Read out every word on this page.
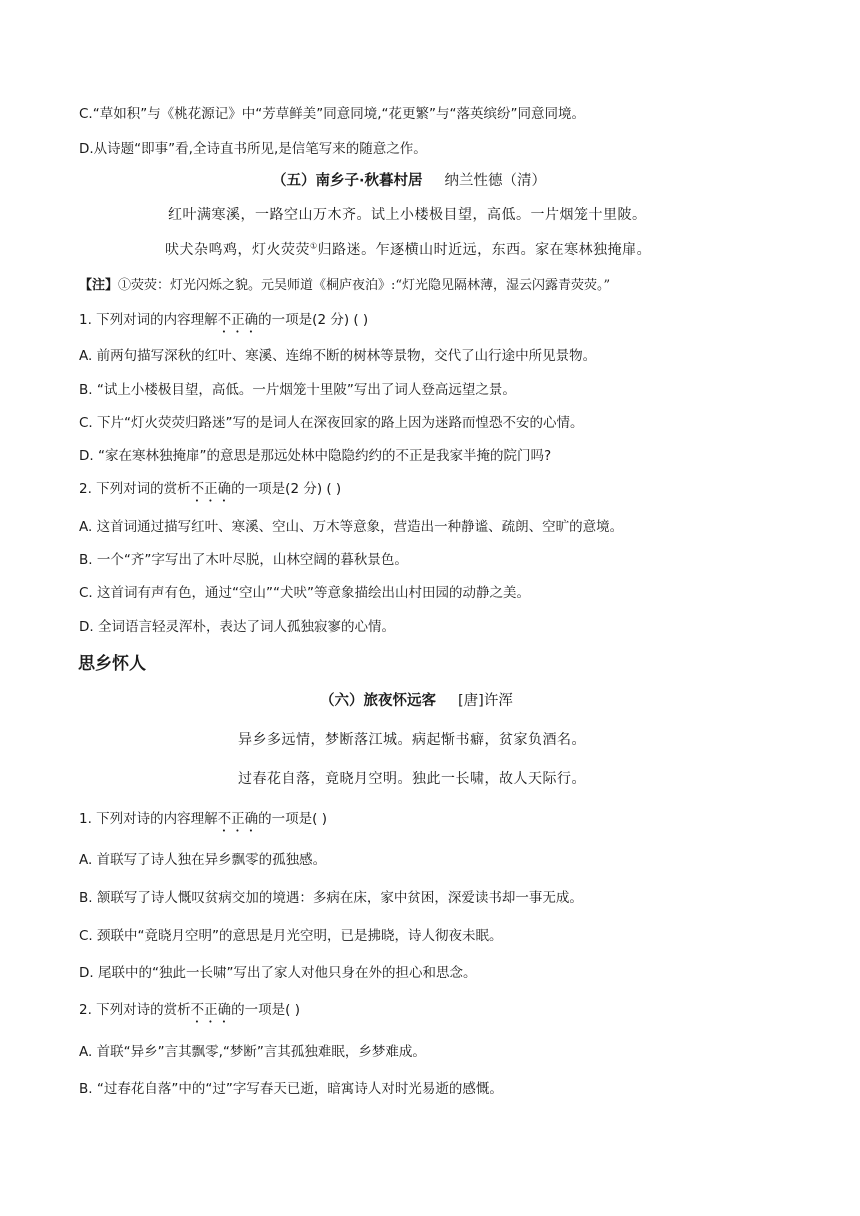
C.“草如积”与《桃花源记》中“芳草鲜美”同意同境,“花更繁”与“落英缤纷”同意同境。
D.从诗题“即事”看,全诗直书所见,是信笔写来的随意之作。
（五）南乡子·秋暮村居 纳兰性德（清）
红叶满寒溪，一路空山万木齐。试上小楼极目望，高低。一片烟笼十里陂。
吠犬杂鸣鸡，灯火荧荧①归路迷。乍逐横山时近远，东西。家在寒林独掩扉。
【注】①荧荧：灯光闪烁之貌。元吴师道《桐庐夜泊》:“灯光隐见隔林薄，湿云闪露青荧荧。”
1. 下列对词的内容理解不正确的一项是(2 分) ( )
A. 前两句描写深秋的红叶、寒溪、连绵不断的树林等景物，交代了山行途中所见景物。
B. “试上小楼极目望，高低。一片烟笼十里陂”写出了词人登高远望之景。
C. 下片“灯火荧荧归路迷”写的是词人在深夜回家的路上因为迷路而惶恐不安的心情。
D. “家在寒林独掩扉”的意思是那远处林中隐隐约约的不正是我家半掩的院门吗?
2. 下列对词的赏析不正确的一项是(2 分) ( )
A. 这首词通过描写红叶、寒溪、空山、万木等意象，营造出一种静谧、疏朗、空旷的意境。
B. 一个“齐”字写出了木叶尽脱，山林空阔的暮秋景色。
C. 这首词有声有色，通过“空山”“犬吠”等意象描绘出山村田园的动静之美。
D. 全词语言轻灵浑朴，表达了词人孤独寂寥的心情。
思乡怀人
（六）旅夜怀远客 [唐]许浑
异乡多远情，梦断落江城。病起惭书癖，贫家负酒名。
过春花自落，竟晓月空明。独此一长啸，故人天际行。
1. 下列对诗的内容理解不正确的一项是( )
A. 首联写了诗人独在异乡飘零的孤独感。
B. 颔联写了诗人慨叹贫病交加的境遇：多病在床，家中贫困，深爱读书却一事无成。
C. 颈联中“竟晓月空明”的意思是月光空明，已是拂晓，诗人彻夜未眠。
D. 尾联中的“独此一长啸”写出了家人对他只身在外的担心和思念。
2. 下列对诗的赏析不正确的一项是( )
A. 首联“异乡”言其飘零,“梦断”言其孤独难眠，乡梦难成。
B. “过春花自落”中的“过”字写春天已逝，暗寓诗人对时光易逝的感慨。
